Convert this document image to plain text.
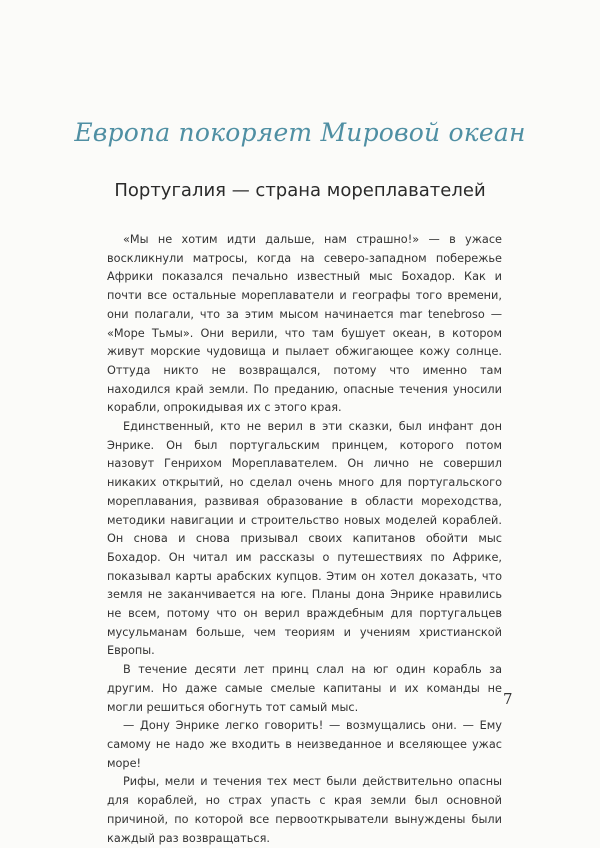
Европа покоряет Мировой океан
Португалия — страна мореплавателей

«Мы не хотим идти дальше, нам страшно!» — в ужасе воскликнули матросы, когда на северо-западном побережье Африки показался печально известный мыс Бохадор. Как и почти все остальные мореплаватели и географы того времени, они полагали, что за этим мысом начинается mar tenebroso — «Море Тьмы». Они верили, что там бушует океан, в котором живут морские чудовища и пылает обжигающее кожу солнце. Оттуда никто не возвращался, потому что именно там находился край земли. По преданию, опасные течения уносили корабли, опрокидывая их с этого края.

Единственный, кто не верил в эти сказки, был инфант дон Энрике. Он был португальским принцем, которого потом назовут Генрихом Мореплавателем. Он лично не совершил никаких открытий, но сделал очень много для португальского мореплавания, развивая образование в области мореходства, методики навигации и строительство новых моделей кораблей. Он снова и снова призывал своих капитанов обойти мыс Бохадор. Он читал им рассказы о путешествиях по Африке, показывал карты арабских купцов. Этим он хотел доказать, что земля не заканчивается на юге. Планы дона Энрике нравились не всем, потому что он верил враждебным для португальцев мусульманам больше, чем теориям и учениям христианской Европы.

В течение десяти лет принц слал на юг один корабль за другим. Но даже самые смелые капитаны и их команды не могли решиться обогнуть тот самый мыс.

— Дону Энрике легко говорить! — возмущались они. — Ему самому не надо же входить в неизведанное и вселяющее ужас море!

Рифы, мели и течения тех мест были действительно опасны для кораблей, но страх упасть с края земли был основной причиной, по которой все первооткрыватели вынуждены были каждый раз возвращаться.

7
